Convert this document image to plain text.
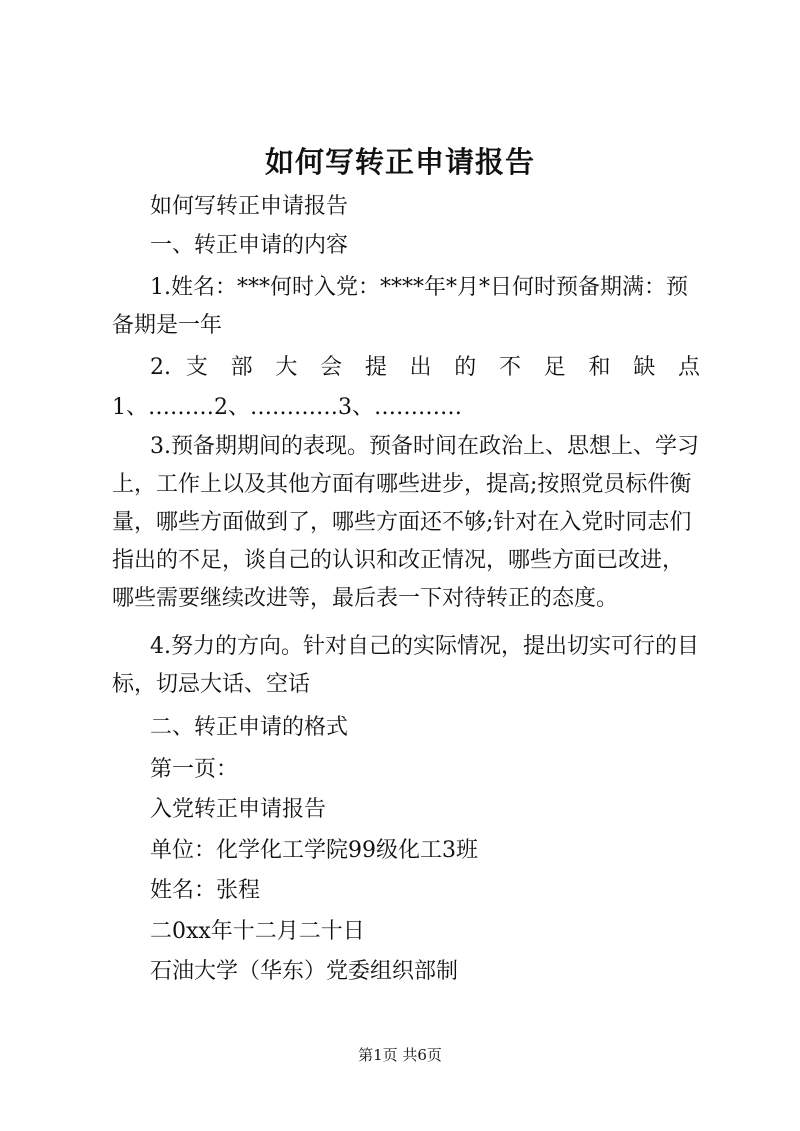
如何写转正申请报告

如何写转正申请报告

一、转正申请的内容

1.姓名：***何时入党：****年*月*日何时预备期满：预备期是一年

2. 支 部 大 会 提 出 的 不 足 和 缺 点

1、………2、…………3、…………

3.预备期期间的表现。预备时间在政治上、思想上、学习上，工作上以及其他方面有哪些进步，提高;按照党员标件衡量，哪些方面做到了，哪些方面还不够;针对在入党时同志们指出的不足，谈自己的认识和改正情况，哪些方面已改进，哪些需要继续改进等，最后表一下对待转正的态度。

4.努力的方向。针对自己的实际情况，提出切实可行的目标，切忌大话、空话

二、转正申请的格式

第一页：

入党转正申请报告

单位：化学化工学院99级化工3班

姓名：张程

二0xx年十二月二十日

石油大学（华东）党委组织部制

第1页 共6页
